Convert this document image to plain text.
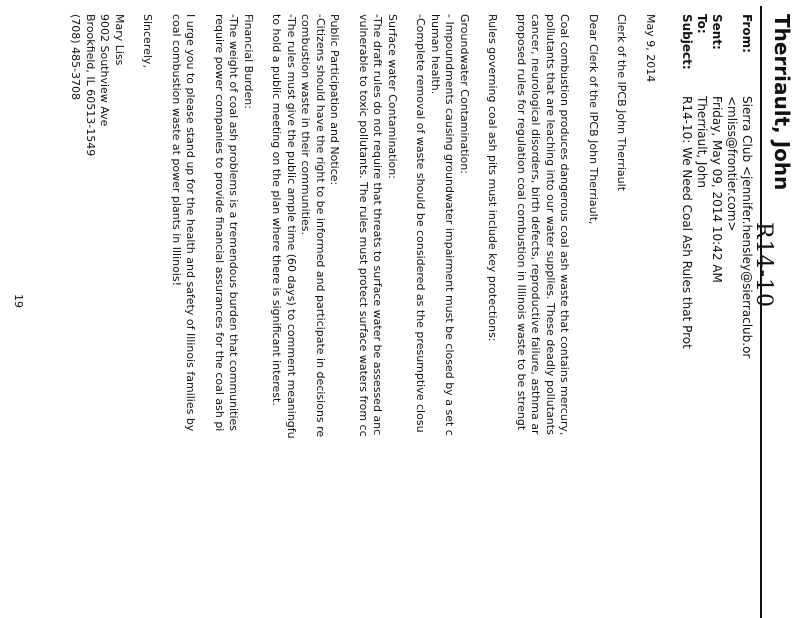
Therriault, John
R14-10
From:
Sierra Club <jennifer.hensley@sierraclub.or
<mliss@frontier.com>
Sent:
Friday, May 09, 2014 10:42 AM
To:
Therriault, John
Subject:
R14-10: We Need Coal Ash Rules that Prot

May 9, 2014

Clerk of the IPCB John Therriault

Dear Clerk of the IPCB John Therriault,

Coal combustion produces dangerous coal ash waste that contains mercury,
pollutants that are leaching into our water supplies. These deadly pollutants
cancer, neurological disorders, birth defects, reproductive failure, asthma ar
proposed rules for regulation coal combustion in Illinois waste to be strengt

Rules governing coal ash pits must include key protections:

Groundwater Contamination:
- Impoundments causing groundwater impairment must be closed by a set c
human health.
-Complete removal of waste should be considered as the presumptive closu

Surface water Contamination:
-The draft rules do not require that threats to surface water be assessed anc
vulnerable to toxic pollutants. The rules must protect surface waters from cc

Public Participation and Notice:
-Citizens should have the right to be informed and participate in decisions re
combustion waste in their communities.
-The rules must give the public ample time (60 days) to comment meaningfu
to hold a public meeting on the plan where there is significant interest.

Financial Burden:
-The weight of coal ash problems is a tremendous burden that communities
require power companies to provide financial assurances for the coal ash pi

I urge you to please stand up for the health and safety of Illinois families by
coal combustion waste at power plants in Illinois!

Sincerely,

Mary Liss
9002 Southview Ave
Brookfield, IL 60513-1549
(708) 485-3708

19
